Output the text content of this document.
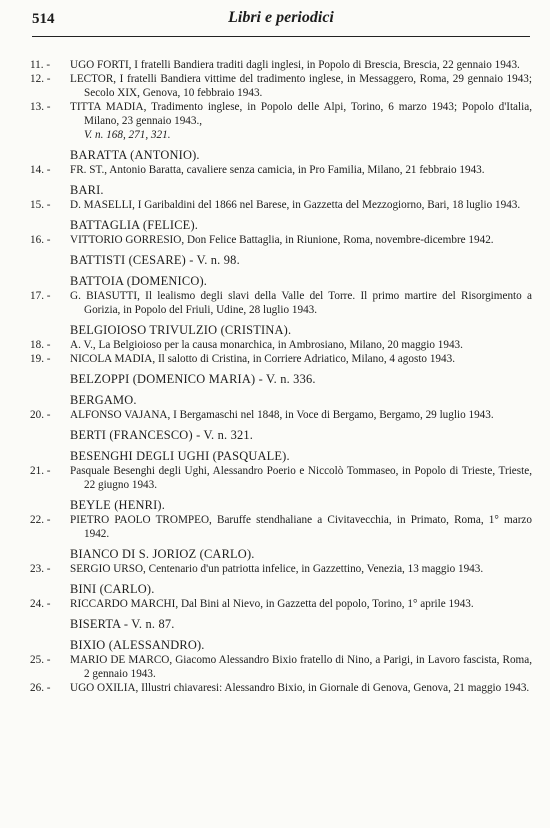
514	Libri e periodici
11. -	UGO FORTI, I fratelli Bandiera traditi dagli inglesi, in Popolo di Brescia, Brescia, 22 gennaio 1943.
12. -	LECTOR, I fratelli Bandiera vittime del tradimento inglese, in Messaggero, Roma, 29 gennaio 1943; Secolo XIX, Genova, 10 febbraio 1943.
13. -	TITTA MADIA, Tradimento inglese, in Popolo delle Alpi, Torino, 6 marzo 1943; Popolo d'Italia, Milano, 23 gennaio 1943.,
V. n. 168, 271, 321.
BARATTA (ANTONIO).
14. -	FR. ST., Antonio Baratta, cavaliere senza camicia, in Pro Familia, Milano, 21 febbraio 1943.
BARI.
15. -	D. MASELLI, I Garibaldini del 1866 nel Barese, in Gazzetta del Mezzogiorno, Bari, 18 luglio 1943.
BATTAGLIA (FELICE).
16. -	VITTORIO GORRESIO, Don Felice Battaglia, in Riunione, Roma, novembre-dicembre 1942.
BATTISTI (CESARE) - V. n. 98.
BATTOIA (DOMENICO).
17. -	G. BIASUTTI, Il lealismo degli slavi della Valle del Torre. Il primo martire del Risorgimento a Gorizia, in Popolo del Friuli, Udine, 28 luglio 1943.
BELGIOIOSO TRIVULZIO (CRISTINA).
18. -	A. V., La Belgioioso per la causa monarchica, in Ambrosiano, Milano, 20 maggio 1943.
19. -	NICOLA MADIA, Il salotto di Cristina, in Corriere Adriatico, Milano, 4 agosto 1943.
BELZOPPI (DOMENICO MARIA) - V. n. 336.
BERGAMO.
20. -	ALFONSO VAJANA, I Bergamaschi nel 1848, in Voce di Bergamo, Bergamo, 29 luglio 1943.
BERTI (FRANCESCO) - V. n. 321.
BESENGHI DEGLI UGHI (PASQUALE).
21. -	Pasquale Besenghi degli Ughi, Alessandro Poerio e Niccolò Tommaseo, in Popolo di Trieste, Trieste, 22 giugno 1943.
BEYLE (HENRI).
22. -	PIETRO PAOLO TROMPEO, Baruffe stendhaliane a Civitavecchia, in Primato, Roma, 1° marzo 1942.
BIANCO DI S. JORIOZ (CARLO).
23. -	SERGIO URSO, Centenario d'un patriotta infelice, in Gazzettino, Venezia, 13 maggio 1943.
BINI (CARLO).
24. -	RICCARDO MARCHI, Dal Bini al Nievo, in Gazzetta del popolo, Torino, 1° aprile 1943.
BISERTA - V. n. 87.
BIXIO (ALESSANDRO).
25. -	MARIO DE MARCO, Giacomo Alessandro Bixio fratello di Nino, a Parigi, in Lavoro fascista, Roma, 2 gennaio 1943.
26. -	UGO OXILIA, Illustri chiavaresi: Alessandro Bixio, in Giornale di Genova, Genova, 21 maggio 1943.
